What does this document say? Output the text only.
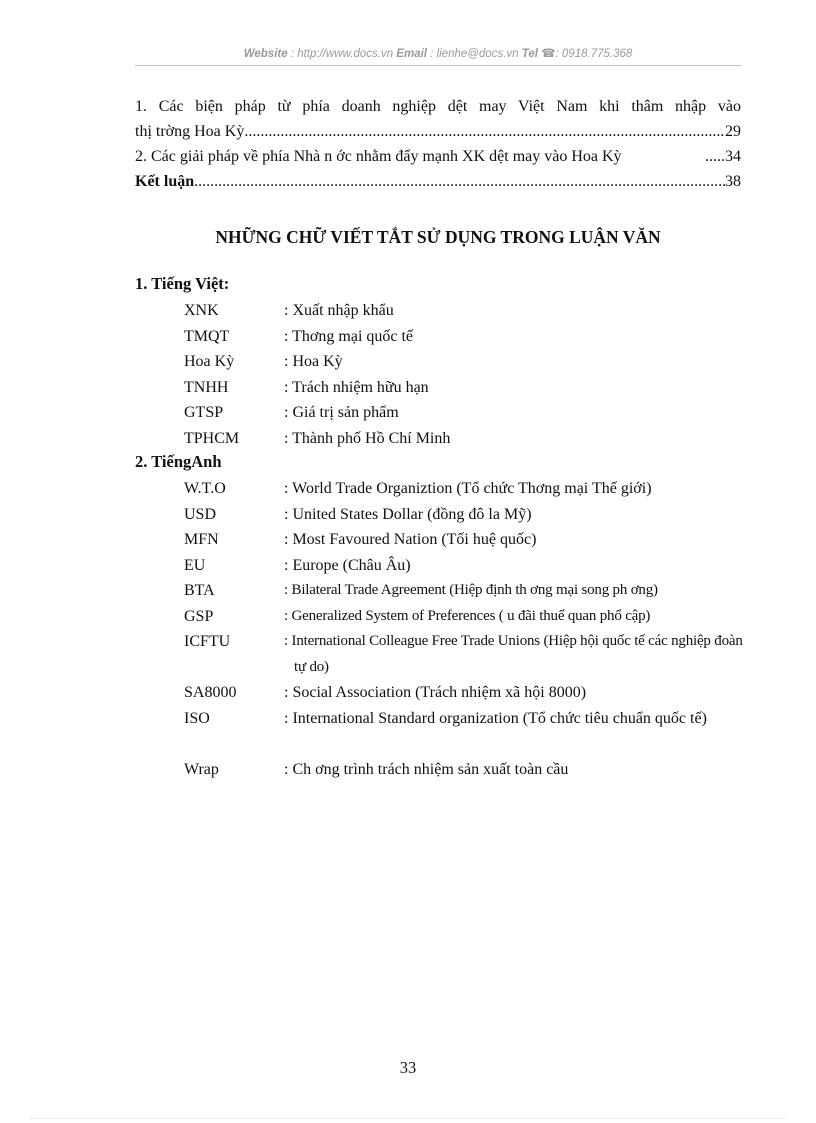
Website : http://www.docs.vn Email : lienhe@docs.vn Tel ☎: 0918.775.368
1. Các biện pháp từ phía doanh nghiệp dệt may Việt Nam khi thâm nhập vào
thị trờng Hoa Kỳ .....	29
2. Các giải pháp về phía Nhà n ớc nhằm đẩy mạnh XK dệt may vào Hoa Kỳ	.....34
Kết luận .....	38
NHỮNG CHỮ VIẾT TẮT SỬ DỤNG TRONG LUẬN VĂN
1. Tiếng Việt:
XNK	: Xuất nhập khẩu
TMQT	: Thơng mại quốc tế
Hoa Kỳ	: Hoa Kỳ
TNHH	: Trách nhiệm hữu hạn
GTSP	: Giá trị sản phẩm
TPHCM	: Thành phố Hồ Chí Minh
2. TiếngAnh
W.T.O	: World Trade Organiztion (Tổ chức Thơng mại Thế giới)
USD	: United States Dollar (đồng đô la Mỹ)
MFN	: Most Favoured Nation (Tối huệ quốc)
EU	: Europe (Châu Âu)
BTA	: Bilateral Trade Agreement (Hiệp định th ơng mại song ph ơng)
GSP	: Generalized System of Preferences ( u đãi thuế quan phổ cập)
ICFTU	: International Colleague Free Trade Unions (Hiệp hội quốc tế các nghiệp đoàn tự do)
SA8000	: Social Association (Trách nhiệm xã hội 8000)
ISO	: International Standard organization (Tổ chức tiêu chuẩn quốc tế)
Wrap	: Ch ơng trình trách nhiệm sản xuất toàn cầu
33
